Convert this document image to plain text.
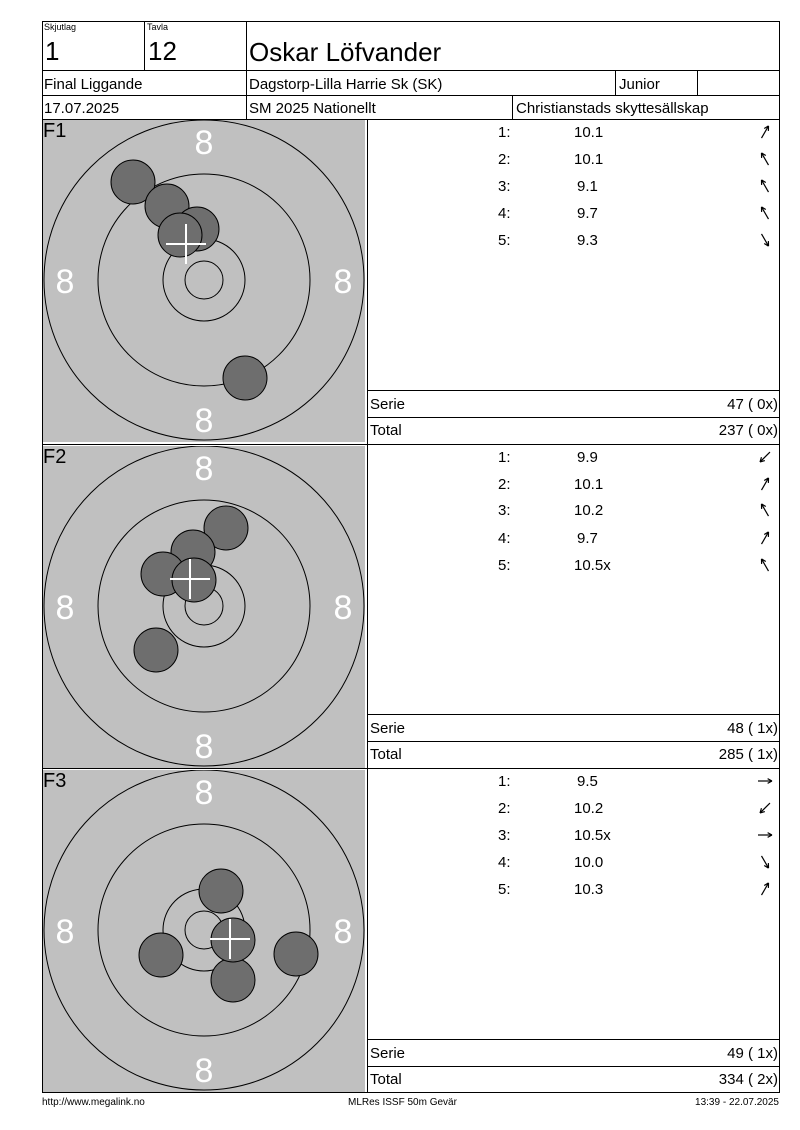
Skjutlag
1
Tavla
12	Oskar Löfvander
Final Liggande	Dagstorp-Lilla Harrie Sk (SK)	Junior
17.07.2025	SM 2025 Nationellt	Christianstads skyttesällskap
8
8
8	8
F1
8
8
8	8
F2
8
8
8	8
F3
1:	10.1
2:	10.1
3:	9.1
4:	9.7
5:	9.3
1:	9.9
2:	10.1
3:	10.2
4:	9.7
5:	10.5x
1:	9.5
2:	10.2
3:	10.5x
4:	10.0
5:	10.3
Serie	47 ( 0x)
Total	237 ( 0x)
Serie	48 ( 1x)
Total	285 ( 1x)
Serie	49 ( 1x)
Total	334 ( 2x)
http://www.megalink.no	MLRes ISSF 50m Gevär	13:39 - 22.07.2025
